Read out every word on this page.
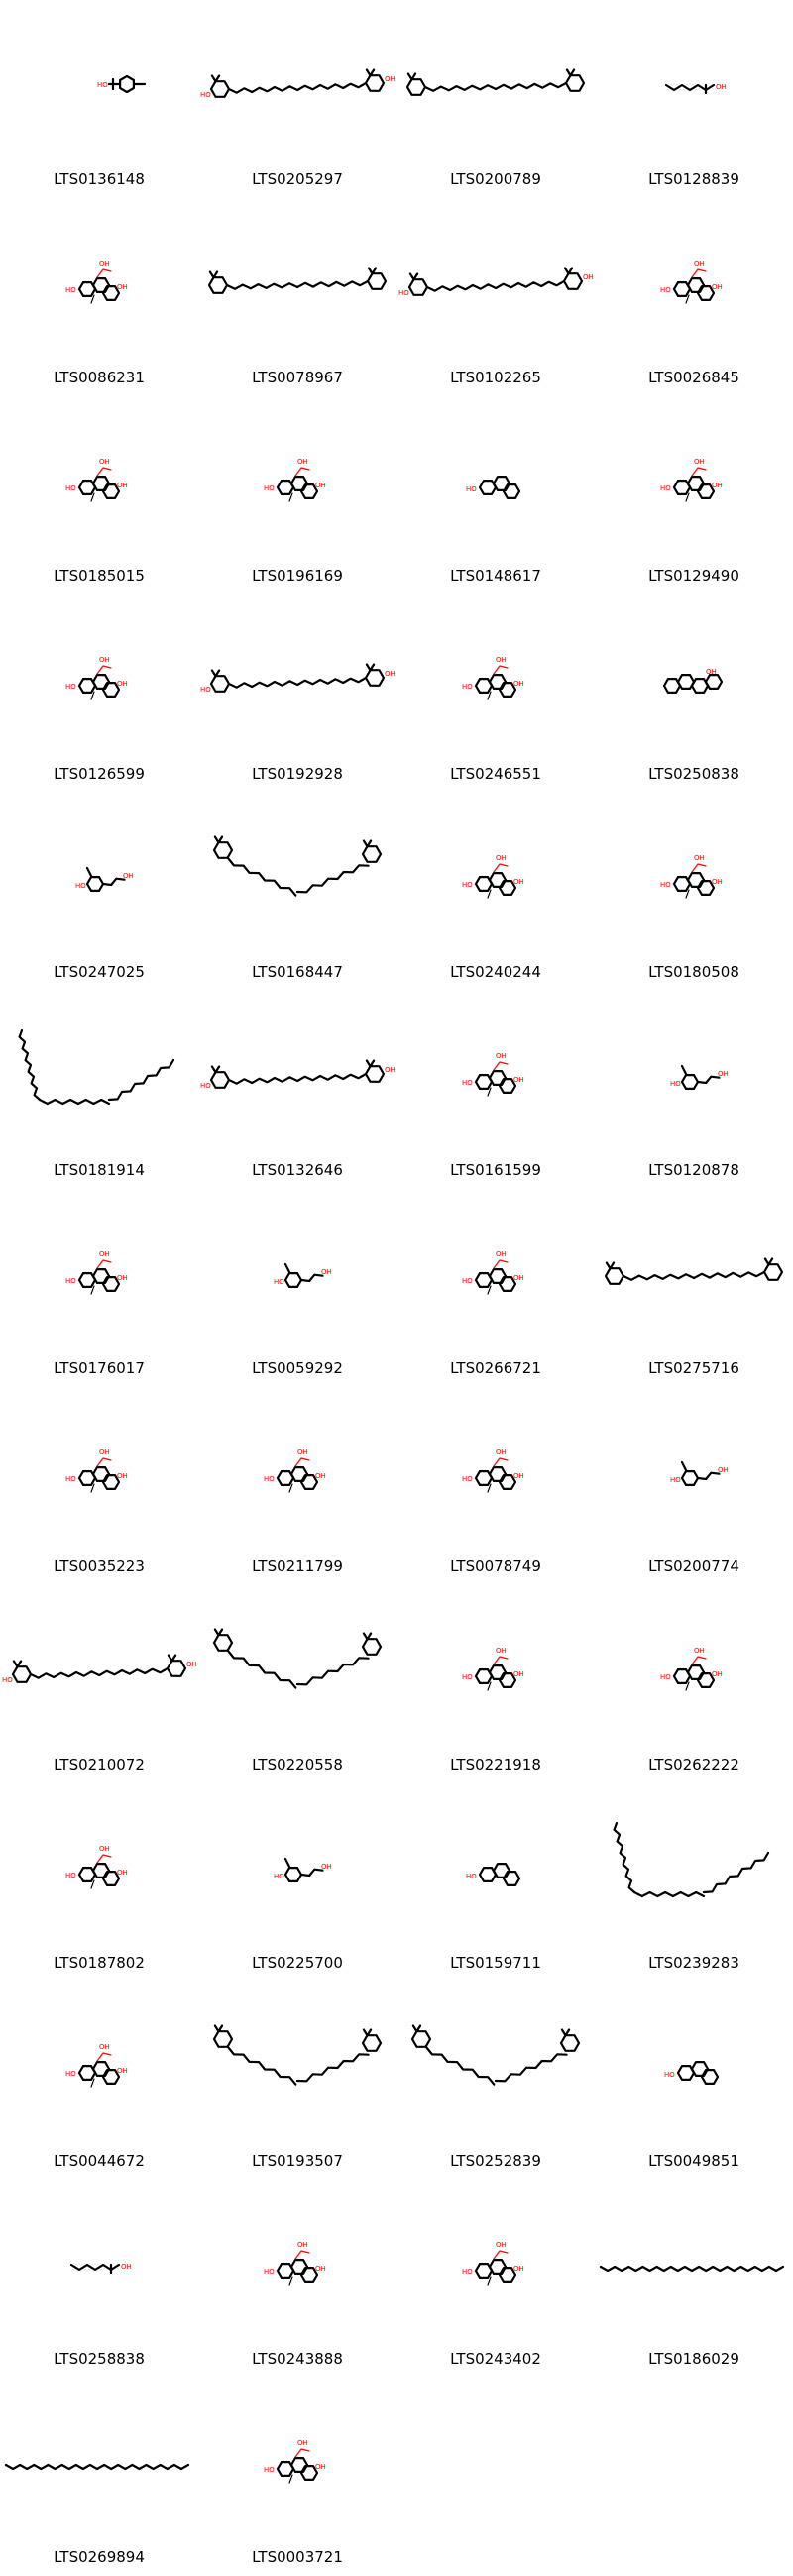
HO
LTS0136148
HO
OH
LTS0205297	LTS0200789
OH
LTS0128839
HO	OH
OH
LTS0086231	LTS0078967
HO
OH
LTS0102265
HO	OH
OH
LTS0026845
HO	OH
OH
LTS0185015
HO	OH
OH
LTS0196169
HO
LTS0148617
HO	OH
OH
LTS0129490
HO	OH
OH
LTS0126599
HO
OH
LTS0192928
HO	OH
OH
LTS0246551
OH
LTS0250838
HO
OH
LTS0247025	LTS0168447
HO	OH
OH
LTS0240244
HO	OH
OH
LTS0180508
LTS0181914
HO
OH
LTS0132646
HO	OH
OH
LTS0161599
HO
OH
LTS0120878
HO	OH
OH
LTS0176017
HO
OH
LTS0059292
HO	OH
OH
LTS0266721	LTS0275716
HO	OH
OH
LTS0035223
HO	OH
OH
LTS0211799
HO	OH
OH
LTS0078749
HO
OH
LTS0200774
HO
OH
LTS0210072	LTS0220558
HO	OH
OH
LTS0221918
HO	OH
OH
LTS0262222
HO	OH
OH
LTS0187802
HO
OH
LTS0225700
HO
LTS0159711	LTS0239283
HO	OH
OH
LTS0044672	LTS0193507	LTS0252839
HO
LTS0049851
OH
LTS0258838
HO	OH
OH
LTS0243888
HO	OH
OH
LTS0243402	LTS0186029
LTS0269894
HO	OH
OH
LTS0003721
